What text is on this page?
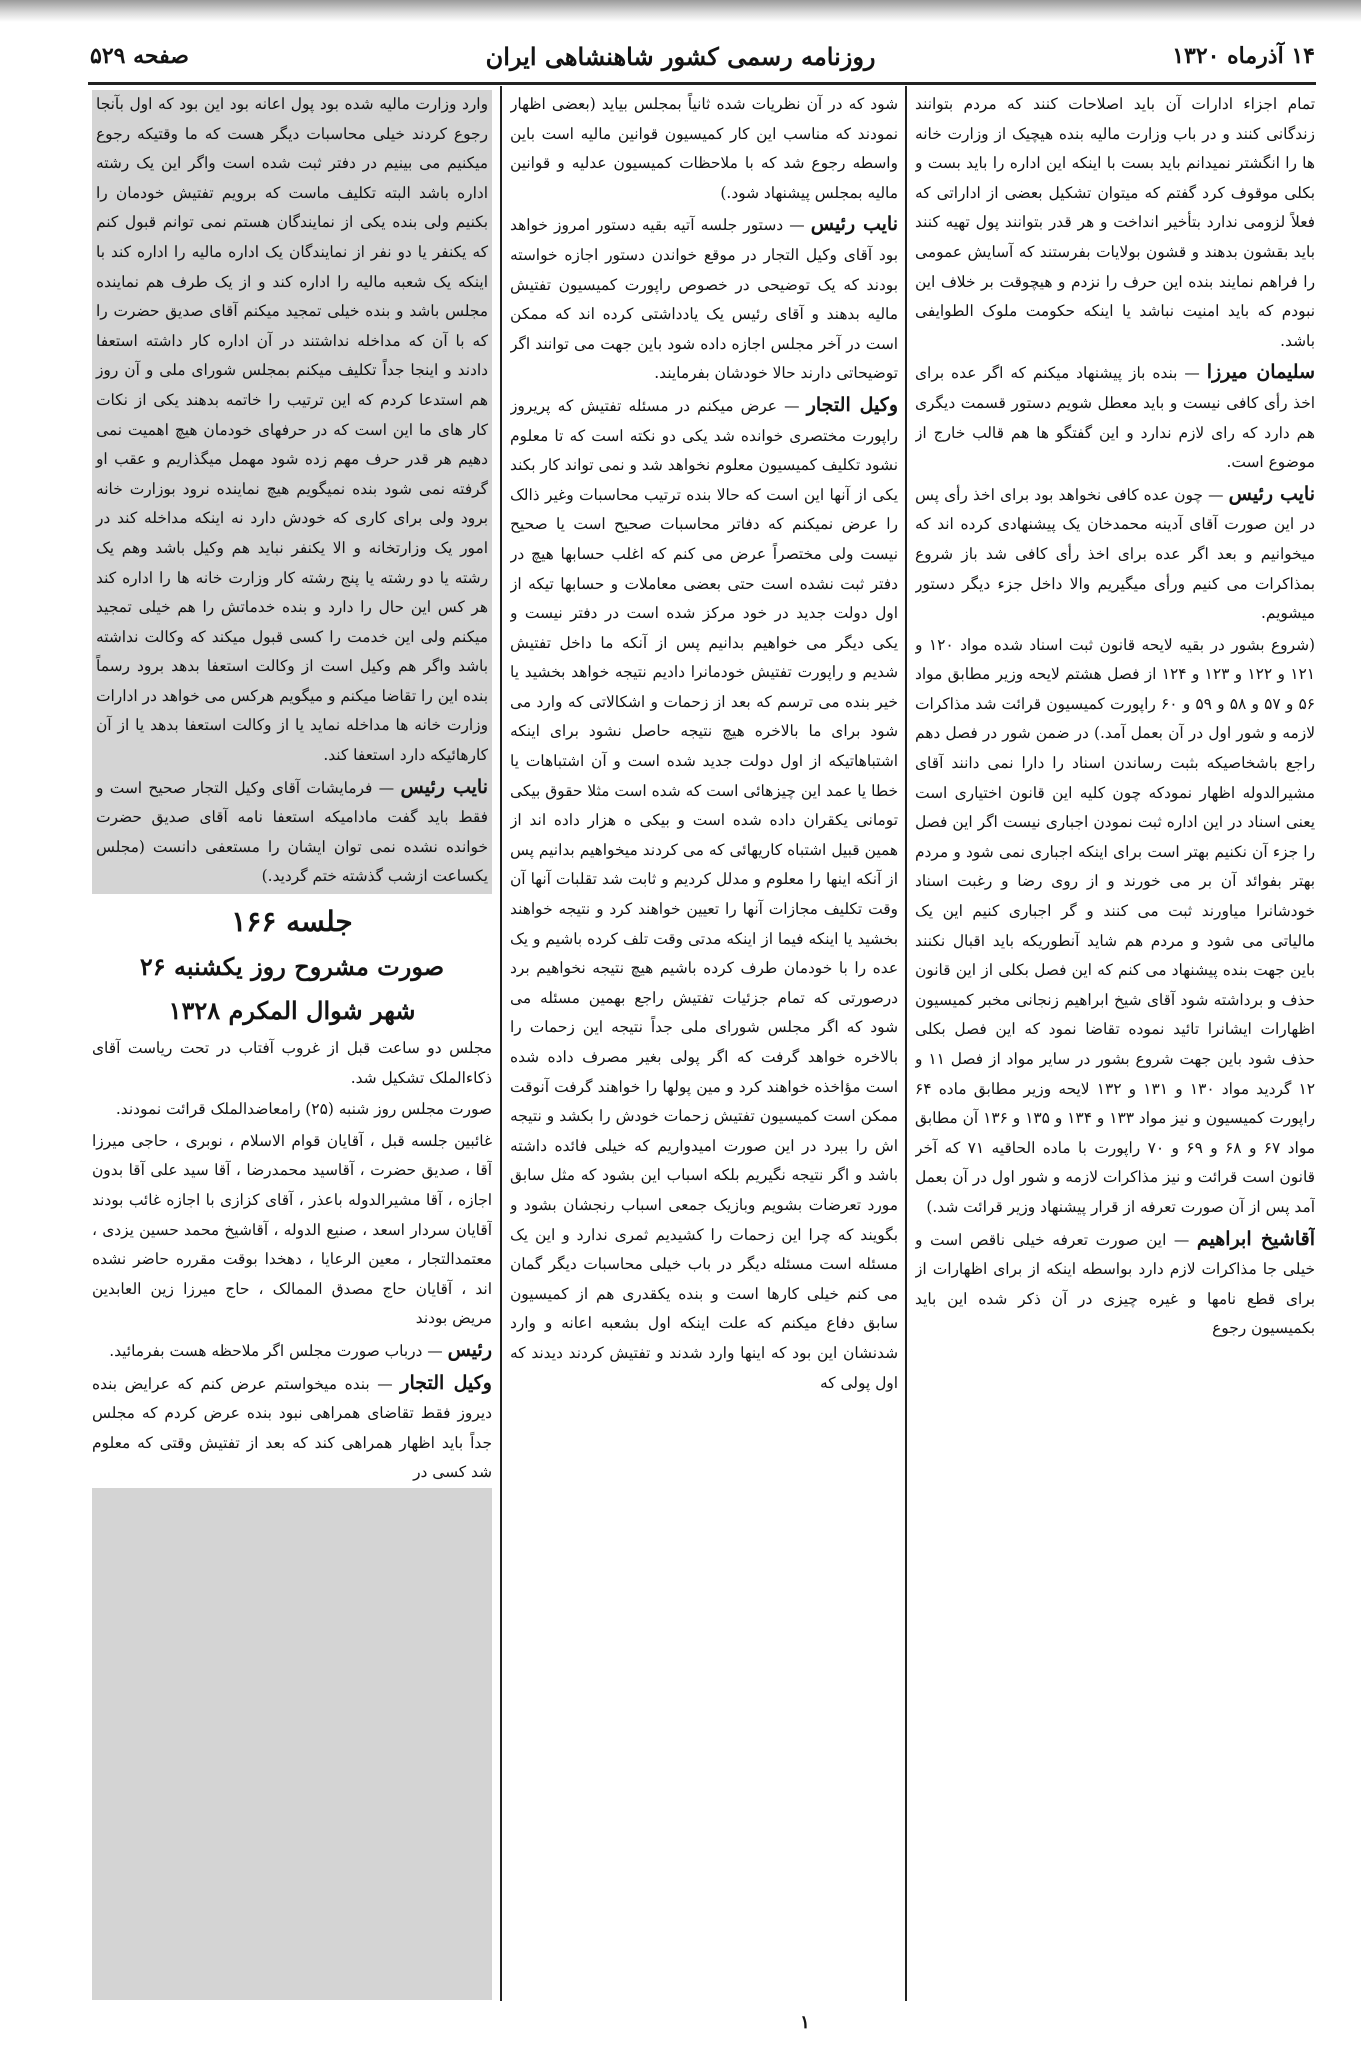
۱۴ آذرماه ۱۳۲۰
روزنامه رسمی کشور شاهنشاهی ایران
صفحه ۵۲۹

تمام اجزاء ادارات آن باید اصلاحات کنند که مردم بتوانند زندگانی کنند و در باب وزارت مالیه بنده هیچیک از وزارت خانه ها را انگشتر نمیدانم باید بست با اینکه این اداره را باید بست و بکلی موقوف کرد گفتم که میتوان تشکیل بعضی از اداراتی که فعلاً لزومی ندارد بتأخیر انداخت و هر قدر بتوانند پول تهیه کنند باید بقشون بدهند و قشون بولایات بفرستند که آسایش عمومی را فراهم نمایند بنده این حرف را نزدم و هیچوقت بر خلاف این نبودم که باید امنیت نباشد یا اینکه حکومت ملوک الطوایفی باشد.

سلیمان میرزا — بنده باز پیشنهاد میکنم که اگر عده برای اخذ رأی کافی نیست و باید معطل شویم دستور قسمت دیگری هم دارد که رای لازم ندارد و این گفتگو ها هم قالب خارج از موضوع است.

نایب رئیس — چون عده کافی نخواهد بود برای اخذ رأی پس در این صورت آقای آدینه محمدخان یک پیشنهادی کرده اند که میخوانیم و بعد اگر عده برای اخذ رأی کافی شد باز شروع بمذاکرات می کنیم ورأی میگیریم والا داخل جزء دیگر دستور میشویم.

(شروع بشور در بقیه لایحه قانون ثبت اسناد شده مواد ۱۲۰ و ۱۲۱ و ۱۲۲ و ۱۲۳ و ۱۲۴ از فصل هشتم لایحه وزیر مطابق مواد ۵۶ و ۵۷ و ۵۸ و ۵۹ و ۶۰ راپورت کمیسیون قرائت شد مذاکرات لازمه و شور اول در آن بعمل آمد.) در ضمن شور در فصل دهم راجع باشخاصیکه بثبت رساندن اسناد را دارا نمی دانند آقای مشیرالدوله اظهار نمودکه چون کلیه این قانون اختیاری است یعنی اسناد در این اداره ثبت نمودن اجباری نیست اگر این فصل را جزء آن نکنیم بهتر است برای اینکه اجباری نمی شود و مردم بهتر بفوائد آن بر می خورند و از روی رضا و رغبت اسناد خودشانرا میاورند ثبت می کنند و گر اجباری کنیم این یک مالیاتی می شود و مردم هم شاید آنطوریکه باید اقبال نکنند باین جهت بنده پیشنهاد می کنم که این فصل بکلی از این قانون حذف و برداشته شود آقای شیخ ابراهیم زنجانی مخبر کمیسیون اظهارات ایشانرا تائید نموده تقاضا نمود که این فصل بکلی حذف شود باین جهت شروع بشور در سایر مواد از فصل ۱۱ و ۱۲ گردید مواد ۱۳۰ و ۱۳۱ و ۱۳۲ لایحه وزیر مطابق ماده ۶۴ راپورت کمیسیون و نیز مواد ۱۳۳ و ۱۳۴ و ۱۳۵ و ۱۳۶ آن مطابق مواد ۶۷ و ۶۸ و ۶۹ و ۷۰ راپورت با ماده الحاقیه ۷۱ که آخر قانون است قرائت و نیز مذاکرات لازمه و شور اول در آن بعمل آمد پس از آن صورت تعرفه از قرار پیشنهاد وزیر قرائت شد.)

آقاشیخ ابراهیم — این صورت تعرفه خیلی ناقص است و خیلی جا مذاکرات لازم دارد بواسطه اینکه از برای اظهارات از برای قطع نامها و غیره چیزی در آن ذکر شده این باید بکمیسیون رجوع

شود که در آن نظریات شده ثانیاً بمجلس بیاید (بعضی اظهار نمودند که مناسب این کار کمیسیون قوانین مالیه است باین واسطه رجوع شد که با ملاحظات کمیسیون عدلیه و قوانین مالیه بمجلس پیشنهاد شود.)

نایب رئیس — دستور جلسه آتیه بقیه دستور امروز خواهد بود آقای وکیل التجار در موقع خواندن دستور اجازه خواسته بودند که یک توضیحی در خصوص راپورت کمیسیون تفتیش مالیه بدهند و آقای رئیس یک یادداشتی کرده اند که ممکن است در آخر مجلس اجازه داده شود باین جهت می توانند اگر توضیحاتی دارند حالا خودشان بفرمایند.

وکیل التجار — عرض میکنم در مسئله تفتیش که پریروز راپورت مختصری خوانده شد یکی دو نکته است که تا معلوم نشود تکلیف کمیسیون معلوم نخواهد شد و نمی تواند کار بکند یکی از آنها این است که حالا بنده ترتیب محاسبات وغیر ذالک را عرض نمیکنم که دفاتر محاسبات صحیح است یا صحیح نیست ولی مختصراً عرض می کنم که اغلب حسابها هیچ در دفتر ثبت نشده است حتی بعضی معاملات و حسابها تیکه از اول دولت جدید در خود مرکز شده است در دفتر نیست و یکی دیگر می خواهیم بدانیم پس از آنکه ما داخل تفتیش شدیم و راپورت تفتیش خودمانرا دادیم نتیجه خواهد بخشید یا خیر بنده می ترسم که بعد از زحمات و اشکالاتی که وارد می شود برای ما بالاخره هیچ نتیجه حاصل نشود برای اینکه اشتباهاتیکه از اول دولت جدید شده است و آن اشتباهات یا خطا یا عمد این چیزهائی است که شده است مثلا حقوق بیکی تومانی یکقران داده شده است و بیکی ه هزار داده اند از همین قبیل اشتباه کاریهائی که می کردند میخواهیم بدانیم پس از آنکه اینها را معلوم و مدلل کردیم و ثابت شد تقلبات آنها آن وقت تکلیف مجازات آنها را تعیین خواهند کرد و نتیجه خواهند بخشید یا اینکه فیما از اینکه مدتی وقت تلف کرده باشیم و یک عده را با خودمان طرف کرده باشیم هیچ نتیجه نخواهیم برد درصورتی که تمام جزئیات تفتیش راجع بهمین مسئله می شود که اگر مجلس شورای ملی جداً نتیجه این زحمات را بالاخره خواهد گرفت که اگر پولی بغیر مصرف داده شده است مؤاخذه خواهند کرد و مین پولها را خواهند گرفت آنوقت ممکن است کمیسیون تفتیش زحمات خودش را بکشد و نتیجه اش را ببرد در این صورت امیدواریم که خیلی فائده داشته باشد و اگر نتیجه نگیریم بلکه اسباب این بشود که مثل سابق مورد تعرضات بشویم وبازیک جمعی اسباب رنجشان بشود و بگویند که چرا این زحمات را کشیدیم ثمری ندارد و این یک مسئله است مسئله دیگر در باب خیلی محاسبات دیگر گمان می کنم خیلی کارها است و بنده یکقدری هم از کمیسیون سابق دفاع میکنم که علت اینکه اول بشعبه اعانه و وارد شدنشان این بود که اینها وارد شدند و تفتیش کردند دیدند که اول پولی که

وارد وزارت مالیه شده بود پول اعانه بود این بود که اول بآنجا رجوع کردند خیلی محاسبات دیگر هست که ما وقتیکه رجوع میکنیم می بینیم در دفتر ثبت شده است واگر این یک رشته اداره باشد البته تکلیف ماست که برویم تفتیش خودمان را بکنیم ولی بنده یکی از نمایندگان هستم نمی توانم قبول کنم که یکنفر یا دو نفر از نمایندگان یک اداره مالیه را اداره کند با اینکه یک شعبه مالیه را اداره کند و از یک طرف هم نماینده مجلس باشد و بنده خیلی تمجید میکنم آقای صدیق حضرت را که با آن که مداخله نداشتند در آن اداره کار داشته استعفا دادند و اینجا جداً تکلیف میکنم بمجلس شورای ملی و آن روز هم استدعا کردم که این ترتیب را خاتمه بدهند یکی از نکات کار های ما این است که در حرفهای خودمان هیچ اهمیت نمی دهیم هر قدر حرف مهم زده شود مهمل میگذاریم و عقب او گرفته نمی شود بنده نمیگویم هیچ نماینده نرود بوزارت خانه برود ولی برای کاری که خودش دارد نه اینکه مداخله کند در امور یک وزارتخانه و الا یکنفر نباید هم وکیل باشد وهم یک رشته یا دو رشته یا پنج رشته کار وزارت خانه ها را اداره کند هر کس این حال را دارد و بنده خدماتش را هم خیلی تمجید میکنم ولی این خدمت را کسی قبول میکند که وکالت نداشته باشد واگر هم وکیل است از وکالت استعفا بدهد برود رسماً بنده این را تقاضا میکنم و میگویم هرکس می خواهد در ادارات وزارت خانه ها مداخله نماید یا از وکالت استعفا بدهد یا از آن کارهائیکه دارد استعفا کند.

نایب رئیس — فرمایشات آقای وکیل التجار صحیح است و فقط باید گفت مادامیکه استعفا نامه آقای صدیق حضرت خوانده نشده نمی توان ایشان را مستعفی دانست (مجلس یکساعت ازشب گذشته ختم گردید.)

جلسه ۱۶۶

صورت مشروح روز یکشنبه ۲۶

شهر شوال المکرم ۱۳۲۸

مجلس دو ساعت قبل از غروب آفتاب در تحت ریاست آقای ذکاءالملک تشکیل شد.

صورت مجلس روز شنبه (۲۵) رامعاضدالملک قرائت نمودند.

غائبین جلسه قبل ، آقایان قوام الاسلام ، نوبری ، حاجی میرزا آقا ، صدیق حضرت ، آقاسید محمدرضا ، آقا سید علی آقا بدون اجازه ، آقا مشیرالدوله باعذر ، آقای کزازی با اجازه غائب بودند آقایان سردار اسعد ، صنیع الدوله ، آقاشیخ محمد حسین یزدی ، معتمدالتجار ، معین الرعایا ، دهخدا بوقت مقرره حاضر نشده اند ، آقایان حاج مصدق الممالک ، حاج میرزا زین العابدین مریض بودند

رئیس — درباب صورت مجلس اگر ملاحظه هست بفرمائید.

وکیل التجار — بنده میخواستم عرض کنم که عرایض بنده دیروز فقط تقاضای همراهی نبود بنده عرض کردم که مجلس جداً باید اظهار همراهی کند که بعد از تفتیش وقتی که معلوم شد کسی در

۱
